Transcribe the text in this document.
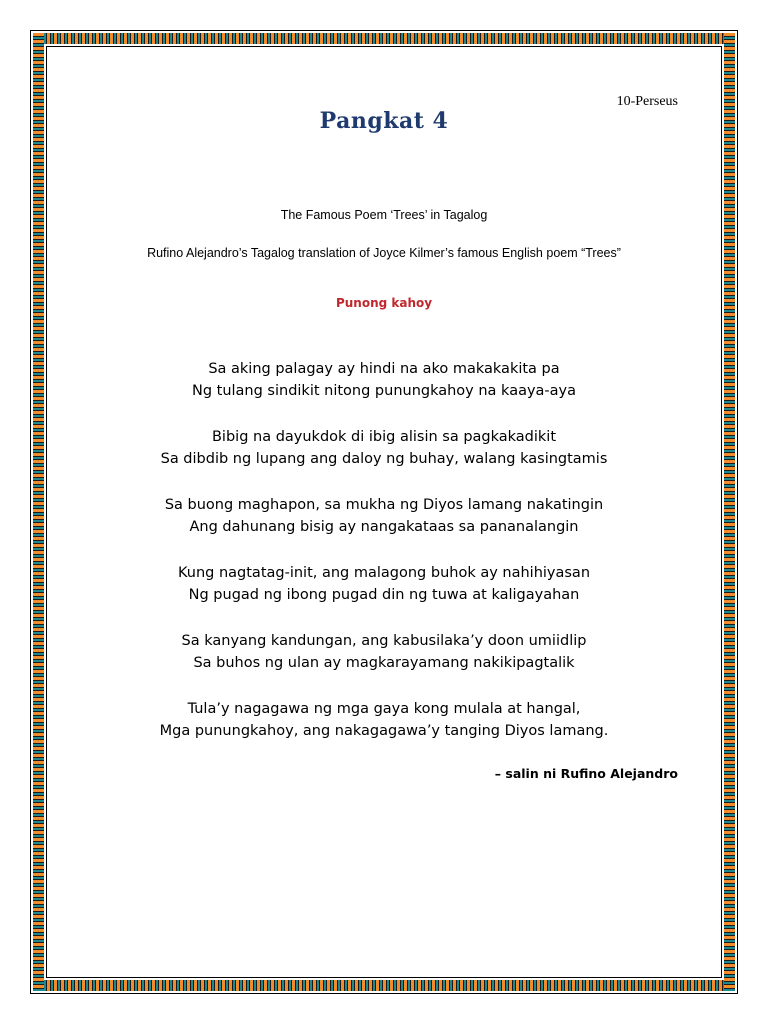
10-Perseus
Pangkat 4
The Famous Poem ‘Trees’ in Tagalog
Rufino Alejandro’s Tagalog translation of Joyce Kilmer’s famous English poem “Trees”
Punong kahoy
Sa aking palagay ay hindi na ako makakakita pa
Ng tulang sindikit nitong punungkahoy na kaaya-aya
Bibig na dayukdok di ibig alisin sa pagkakadikit
Sa dibdib ng lupang ang daloy ng buhay, walang kasingtamis
Sa buong maghapon, sa mukha ng Diyos lamang nakatingin
Ang dahunang bisig ay nangakataas sa pananalangin
Kung nagtatag-init, ang malagong buhok ay nahihiyasan
Ng pugad ng ibong pugad din ng tuwa at kaligayahan
Sa kanyang kandungan, ang kabusilaka’y doon umiidlip
Sa buhos ng ulan ay magkarayamang nakikipagtalik
Tula’y nagagawa ng mga gaya kong mulala at hangal,
Mga punungkahoy, ang nakagagawa’y tanging Diyos lamang.
– salin ni Rufino Alejandro
